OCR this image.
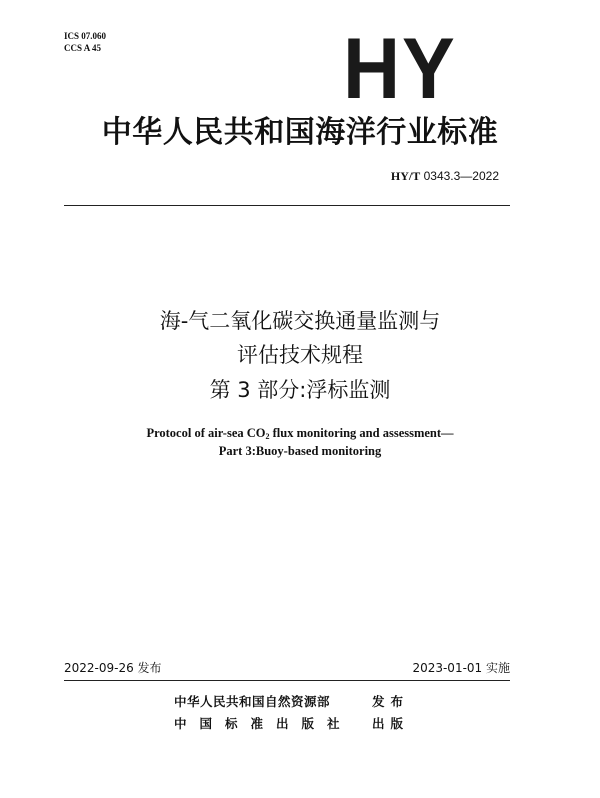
ICS 07.060
CCS A 45	HY
中华人民共和国海洋行业标准
HY/T 0343.3—2022
海-气二氧化碳交换通量监测与
评估技术规程
第 3 部分:浮标监测
Protocol of air-sea $CO_2$ flux monitoring and assessment—
Part 3:Buoy-based monitoring
2022-09-26 发布	2023-01-01 实施
中华人民共和国自然资源部	发布
中国标准出版社 出版
